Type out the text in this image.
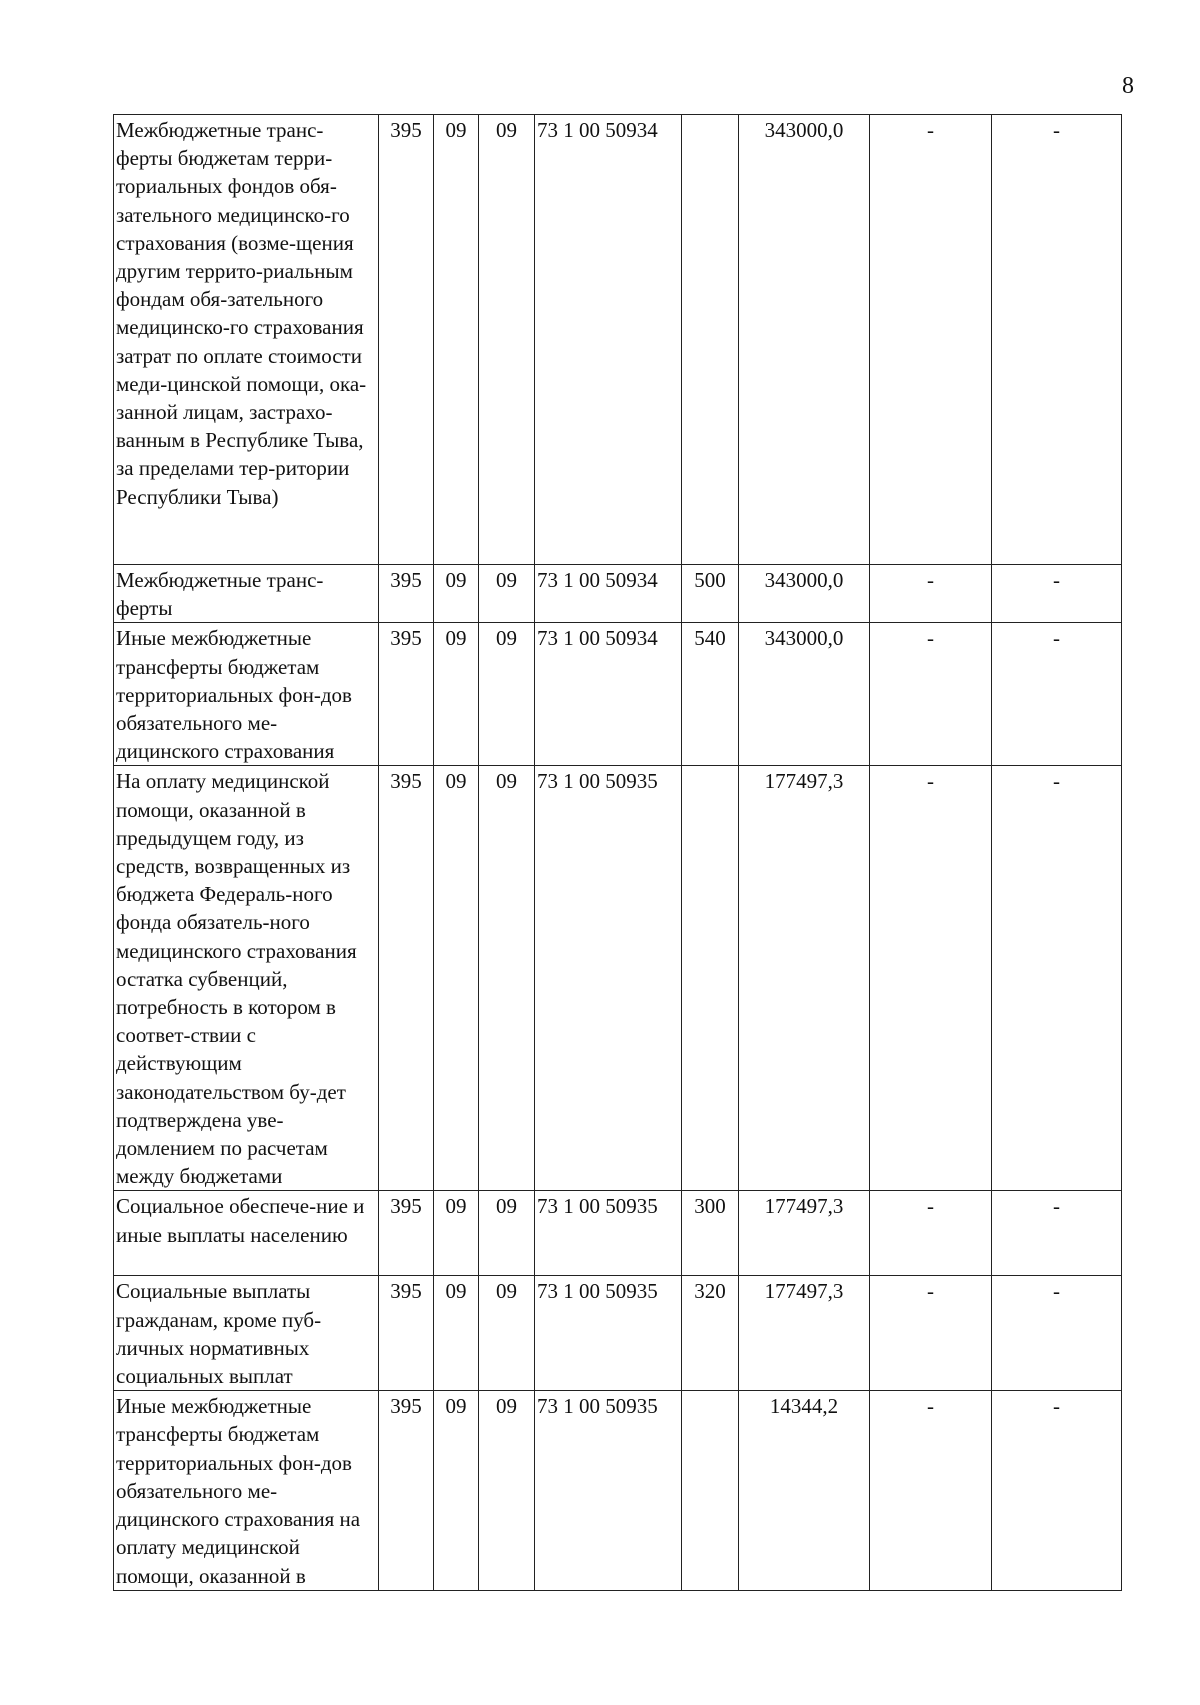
8
Межбюджетные транс-ферты бюджетам терри-ториальных фондов обя-зательного медицинско-го страхования (возме-щения другим террито-риальным фондам обя-зательного медицинско-го страхования затрат по оплате стоимости меди-цинской помощи, ока-занной лицам, застрахо-ванным в Республике Тыва, за пределами тер-ритории Республики Тыва)	395	09	09	73 1 00 50934		343000,0	-	-
Межбюджетные транс-ферты	395	09	09	73 1 00 50934	500	343000,0	-	-
Иные межбюджетные трансферты бюджетам территориальных фон-дов обязательного ме-дицинского страхования	395	09	09	73 1 00 50934	540	343000,0	-	-
На оплату медицинской помощи, оказанной в предыдущем году, из средств, возвращенных из бюджета Федераль-ного фонда обязатель-ного медицинского страхования остатка субвенций, потребность в котором в соответ-ствии с действующим законодательством бу-дет подтверждена уве-домлением по расчетам между бюджетами	395	09	09	73 1 00 50935		177497,3	-	-
Социальное обеспече-ние и иные выплаты населению	395	09	09	73 1 00 50935	300	177497,3	-	-
Социальные выплаты гражданам, кроме пуб-личных нормативных социальных выплат	395	09	09	73 1 00 50935	320	177497,3	-	-
Иные межбюджетные трансферты бюджетам территориальных фон-дов обязательного ме-дицинского страхования на оплату медицинской помощи, оказанной в	395	09	09	73 1 00 50935		14344,2	-	-
